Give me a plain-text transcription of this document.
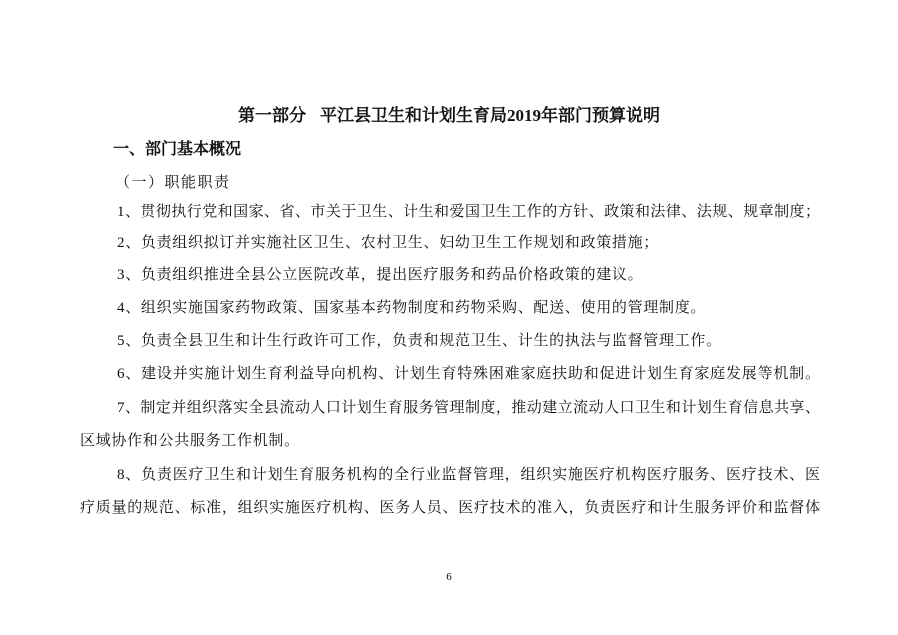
第一部分 平江县卫生和计划生育局2019年部门预算说明
一、部门基本概况
（一）职能职责
1、贯彻执行党和国家、省、市关于卫生、计生和爱国卫生工作的方针、政策和法律、法规、规章制度；
2、负责组织拟订并实施社区卫生、农村卫生、妇幼卫生工作规划和政策措施；
3、负责组织推进全县公立医院改革，提出医疗服务和药品价格政策的建议。
4、组织实施国家药物政策、国家基本药物制度和药物采购、配送、使用的管理制度。
5、负责全县卫生和计生行政许可工作，负责和规范卫生、计生的执法与监督管理工作。
6、建设并实施计划生育利益导向机构、计划生育特殊困难家庭扶助和促进计划生育家庭发展等机制。
7、制定并组织落实全县流动人口计划生育服务管理制度，推动建立流动人口卫生和计划生育信息共享、
区域协作和公共服务工作机制。
8、负责医疗卫生和计划生育服务机构的全行业监督管理，组织实施医疗机构医疗服务、医疗技术、医
疗质量的规范、标准，组织实施医疗机构、医务人员、医疗技术的准入，负责医疗和计生服务评价和监督体
6
